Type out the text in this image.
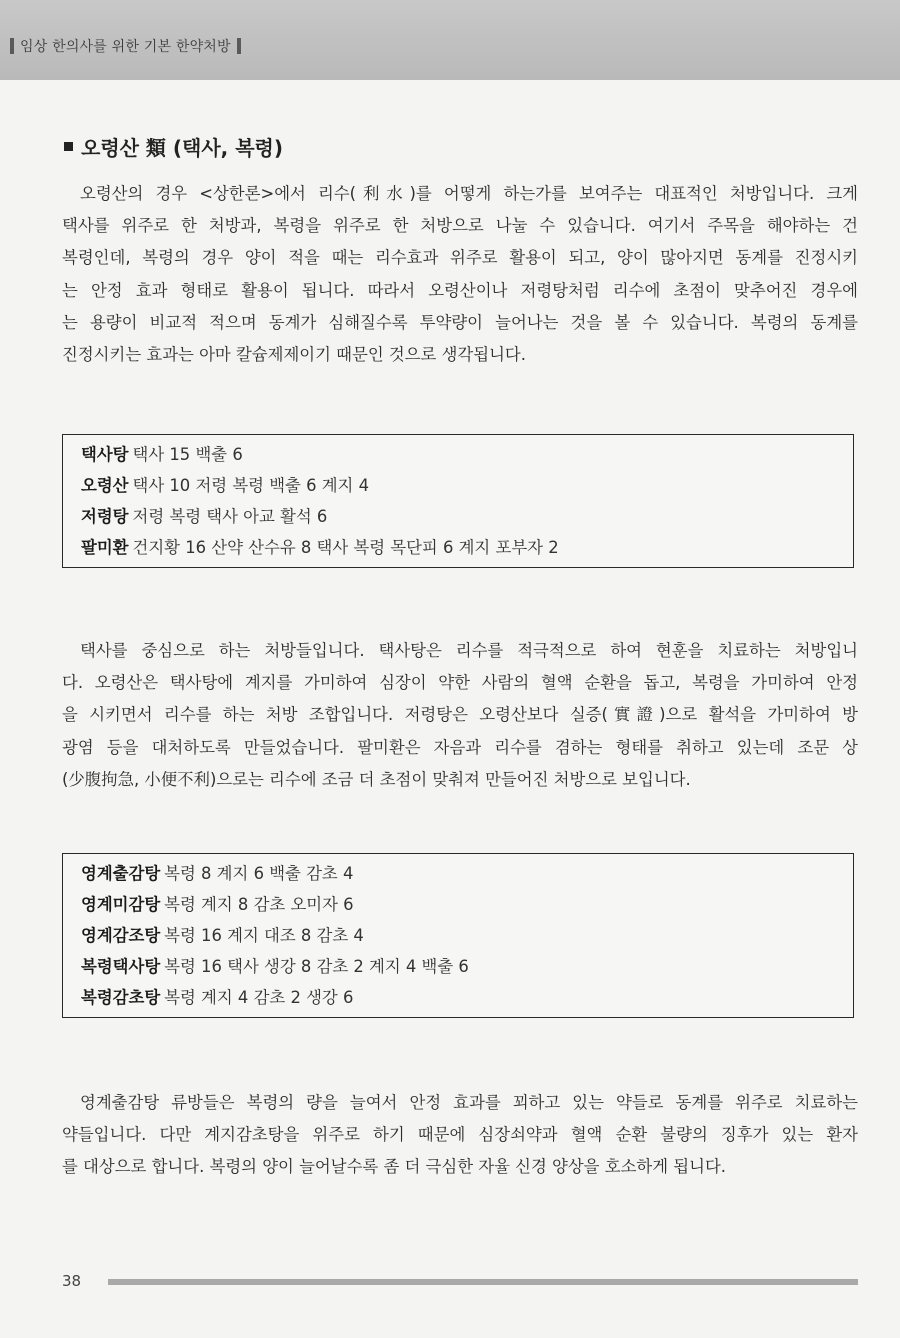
임상 한의사를 위한 기본 한약처방
오령산 類 (택사, 복령)
오령산의 경우 <상한론>에서 리수(利水)를 어떻게 하는가를 보여주는 대표적인 처방입니다. 크게
택사를 위주로 한 처방과, 복령을 위주로 한 처방으로 나눌 수 있습니다. 여기서 주목을 해야하는 건
복령인데, 복령의 경우 양이 적을 때는 리수효과 위주로 활용이 되고, 양이 많아지면 동계를 진정시키
는 안정 효과 형태로 활용이 됩니다. 따라서 오령산이나 저령탕처럼 리수에 초점이 맞추어진 경우에
는 용량이 비교적 적으며 동계가 심해질수록 투약량이 늘어나는 것을 볼 수 있습니다. 복령의 동계를
진정시키는 효과는 아마 칼슘제제이기 때문인 것으로 생각됩니다.
택사탕 택사 15 백출 6
오령산 택사 10 저령 복령 백출 6 계지 4
저령탕 저령 복령 택사 아교 활석 6
팔미환 건지황 16 산약 산수유 8 택사 복령 목단피 6 계지 포부자 2
택사를 중심으로 하는 처방들입니다. 택사탕은 리수를 적극적으로 하여 현훈을 치료하는 처방입니
다. 오령산은 택사탕에 계지를 가미하여 심장이 약한 사람의 혈액 순환을 돕고, 복령을 가미하여 안정
을 시키면서 리수를 하는 처방 조합입니다. 저령탕은 오령산보다 실증(實證)으로 활석을 가미하여 방
광염 등을 대처하도록 만들었습니다. 팔미환은 자음과 리수를 겸하는 형태를 취하고 있는데 조문 상
(少腹拘急, 小便不利)으로는 리수에 조금 더 초점이 맞춰져 만들어진 처방으로 보입니다.
영계출감탕 복령 8 계지 6 백출 감초 4
영계미감탕 복령 계지 8 감초 오미자 6
영계감조탕 복령 16 계지 대조 8 감초 4
복령택사탕 복령 16 택사 생강 8 감초 2 계지 4 백출 6
복령감초탕 복령 계지 4 감초 2 생강 6
영계출감탕 류방들은 복령의 량을 늘여서 안정 효과를 꾀하고 있는 약들로 동계를 위주로 치료하는
약들입니다. 다만 계지감초탕을 위주로 하기 때문에 심장쇠약과 혈액 순환 불량의 징후가 있는 환자
를 대상으로 합니다. 복령의 양이 늘어날수록 좀 더 극심한 자율 신경 양상을 호소하게 됩니다.
38
